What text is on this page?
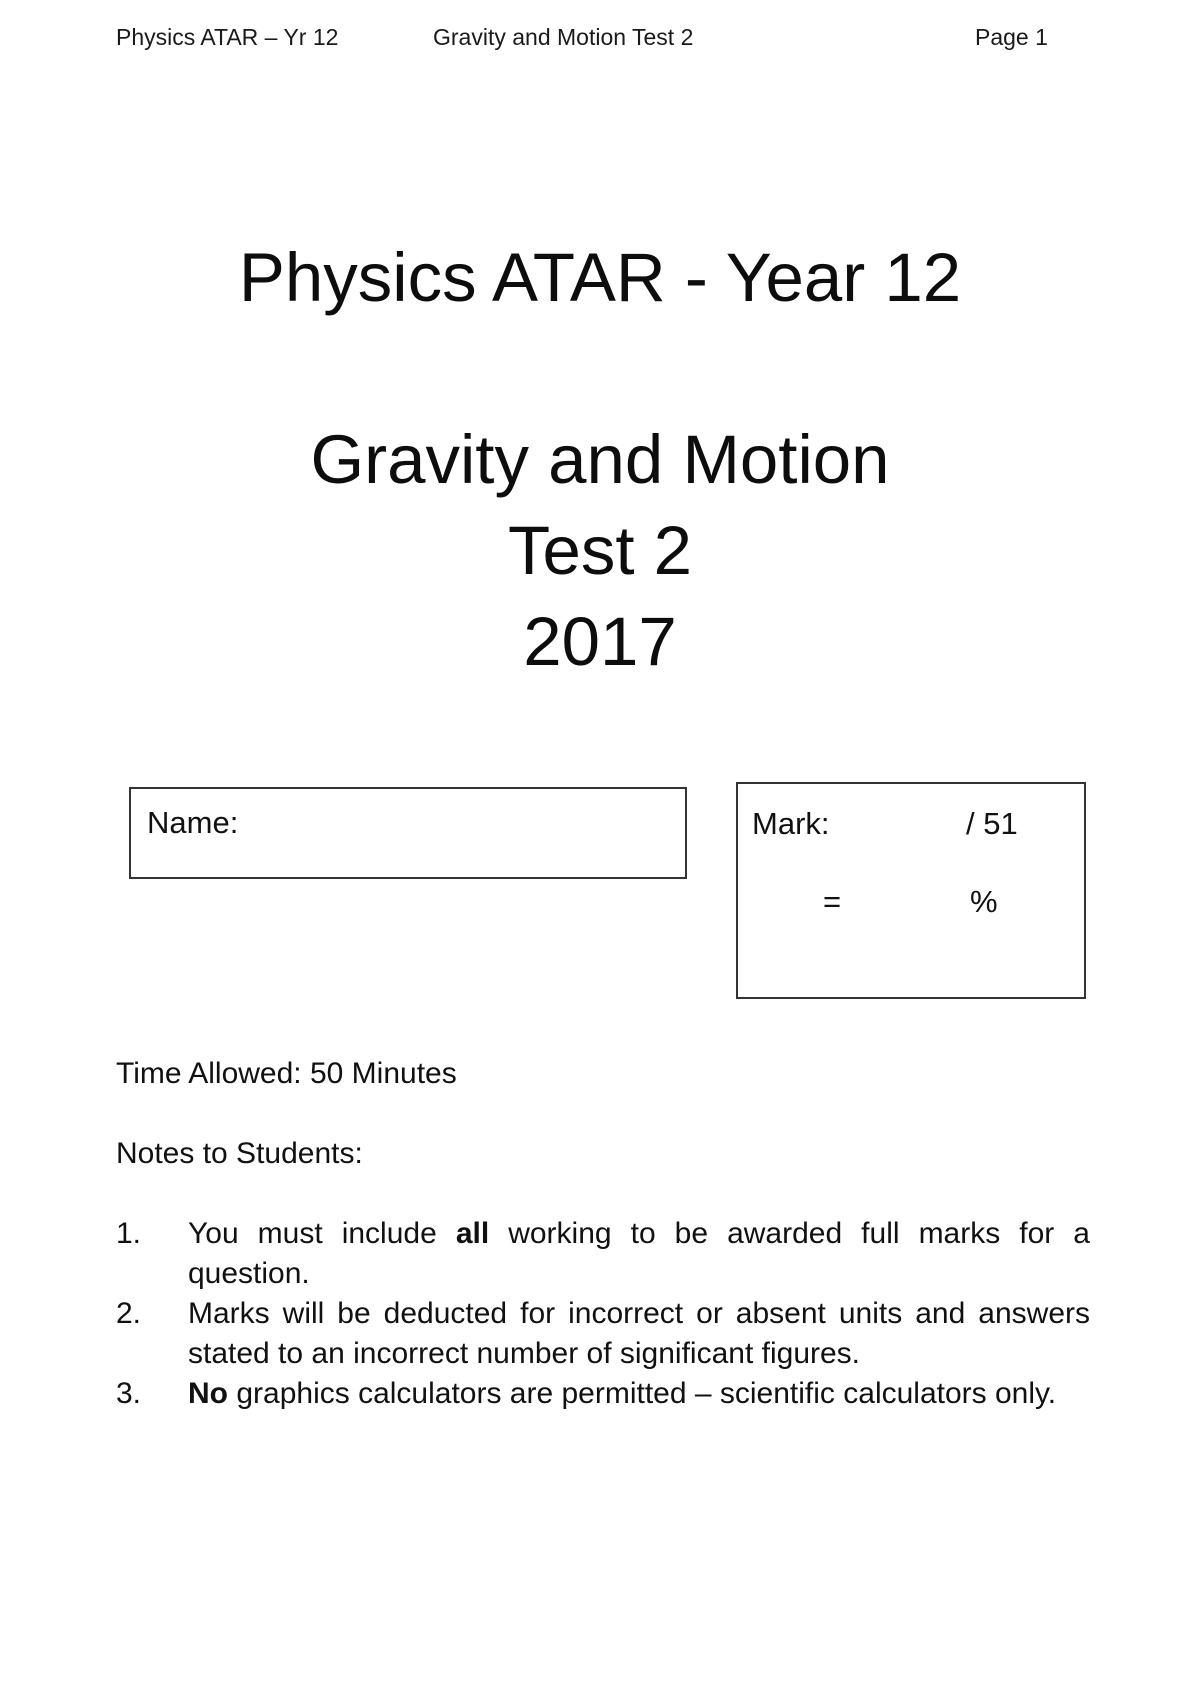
Physics ATAR – Yr 12	Gravity and Motion Test 2	Page 1
Physics ATAR - Year 12
Gravity and Motion
Test 2
2017
Name:	Mark:	/ 51
=	%
Time Allowed: 50 Minutes
Notes to Students:
1. You must include all working to be awarded full marks for a question.
2. Marks will be deducted for incorrect or absent units and answers stated to an incorrect number of significant figures.
3. No graphics calculators are permitted – scientific calculators only.
